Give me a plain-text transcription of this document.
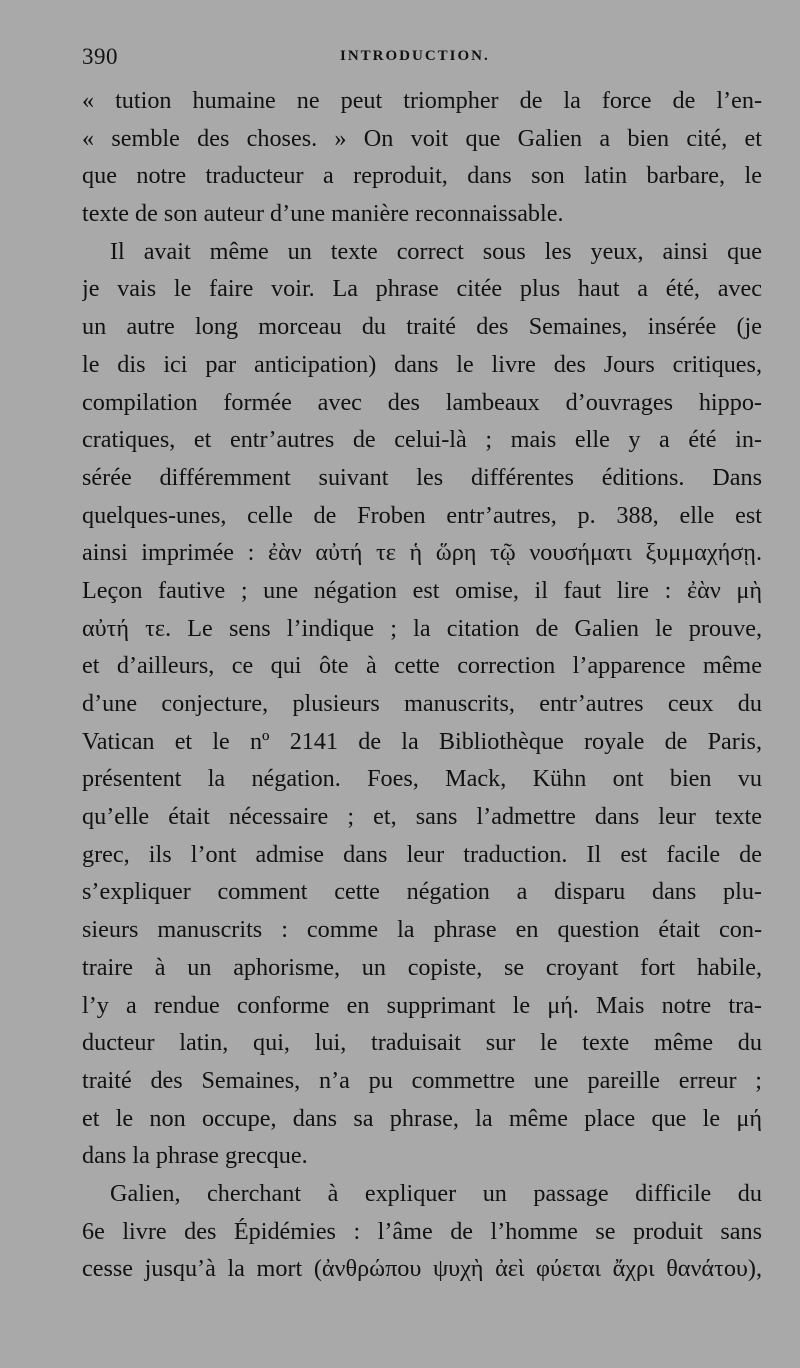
390	INTRODUCTION.
« tution humaine ne peut triompher de la force de l’en-
« semble des choses. » On voit que Galien a bien cité, et
que notre traducteur a reproduit, dans son latin barbare, le
texte de son auteur d’une manière reconnaissable.
Il avait même un texte correct sous les yeux, ainsi que
je vais le faire voir. La phrase citée plus haut a été, avec
un autre long morceau du traité des Semaines, insérée (je
le dis ici par anticipation) dans le livre des Jours critiques,
compilation formée avec des lambeaux d’ouvrages hippo-
cratiques, et entr’autres de celui-là ; mais elle y a été in-
sérée différemment suivant les différentes éditions. Dans
quelques-unes, celle de Froben entr’autres, p. 388, elle est
ainsi imprimée : ἐὰν αὐτή τε ἡ ὥρη τῷ νουσήματι ξυμμαχήσῃ.
Leçon fautive ; une négation est omise, il faut lire : ἐὰν μὴ
αὐτή τε. Le sens l’indique ; la citation de Galien le prouve,
et d’ailleurs, ce qui ôte à cette correction l’apparence même
d’une conjecture, plusieurs manuscrits, entr’autres ceux du
Vatican et le nº 2141 de la Bibliothèque royale de Paris,
présentent la négation. Foes, Mack, Kühn ont bien vu
qu’elle était nécessaire ; et, sans l’admettre dans leur texte
grec, ils l’ont admise dans leur traduction. Il est facile de
s’expliquer comment cette négation a disparu dans plu-
sieurs manuscrits : comme la phrase en question était con-
traire à un aphorisme, un copiste, se croyant fort habile,
l’y a rendue conforme en supprimant le μή. Mais notre tra-
ducteur latin, qui, lui, traduisait sur le texte même du
traité des Semaines, n’a pu commettre une pareille erreur ;
et le non occupe, dans sa phrase, la même place que le μή
dans la phrase grecque.
Galien, cherchant à expliquer un passage difficile du
6e livre des Épidémies : l’âme de l’homme se produit sans
cesse jusqu’à la mort (ἀνθρώπου ψυχὴ ἀεὶ φύεται ἄχρι θανάτου),
